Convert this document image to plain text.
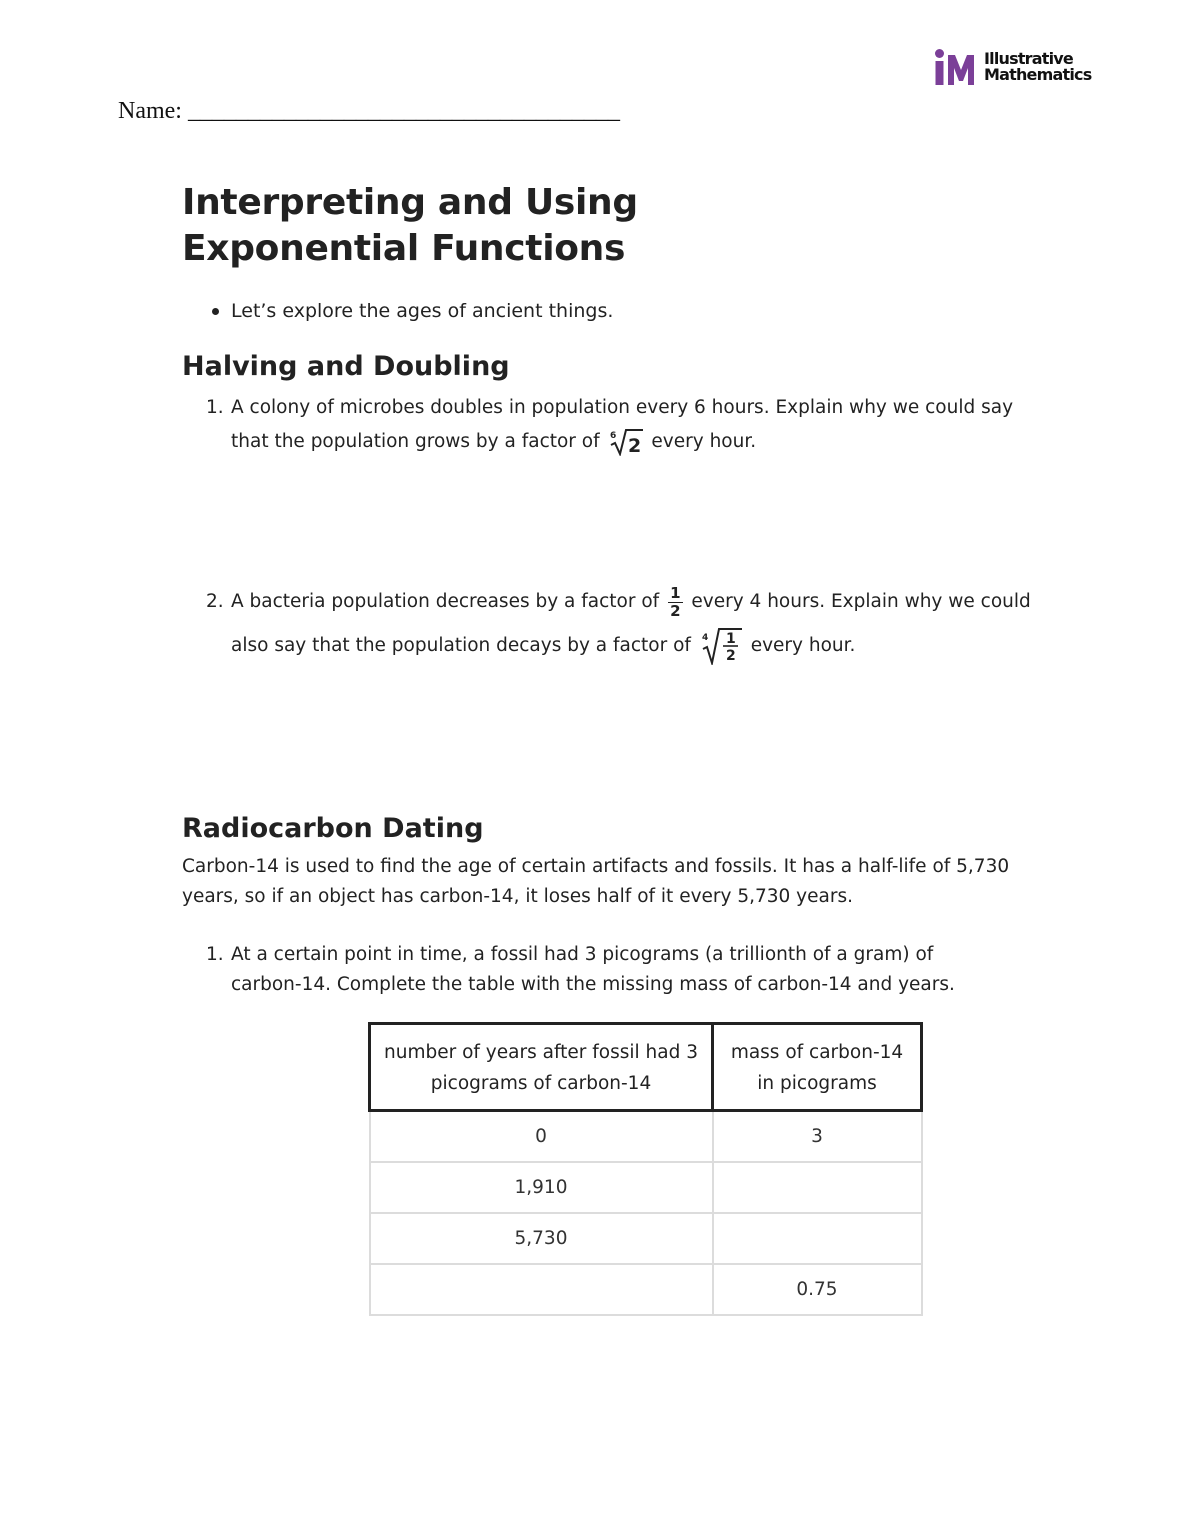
Illustrative
Mathematics
Name: ____________________________________
Interpreting and Using Exponential Functions
Let’s explore the ages of ancient things.
Halving and Doubling
1. A colony of microbes doubles in population every 6 hours. Explain why we could say that the population grows by a factor of 6 2 every hour.
2. A bacteria population decreases by a factor of $\frac{1}{2}$ every 4 hours. Explain why we could also say that the population decays by a factor of 4 1
2 every hour.
Radiocarbon Dating
Carbon-14 is used to find the age of certain artifacts and fossils. It has a half-life of 5,730 years, so if an object has carbon-14, it loses half of it every 5,730 years.
1. At a certain point in time, a fossil had 3 picograms (a trillionth of a gram) of carbon-14. Complete the table with the missing mass of carbon-14 and years.
number of years after fossil had 3 picograms of carbon-14	mass of carbon-14 in picograms
0	3
1,910	
5,730	
	0.75
